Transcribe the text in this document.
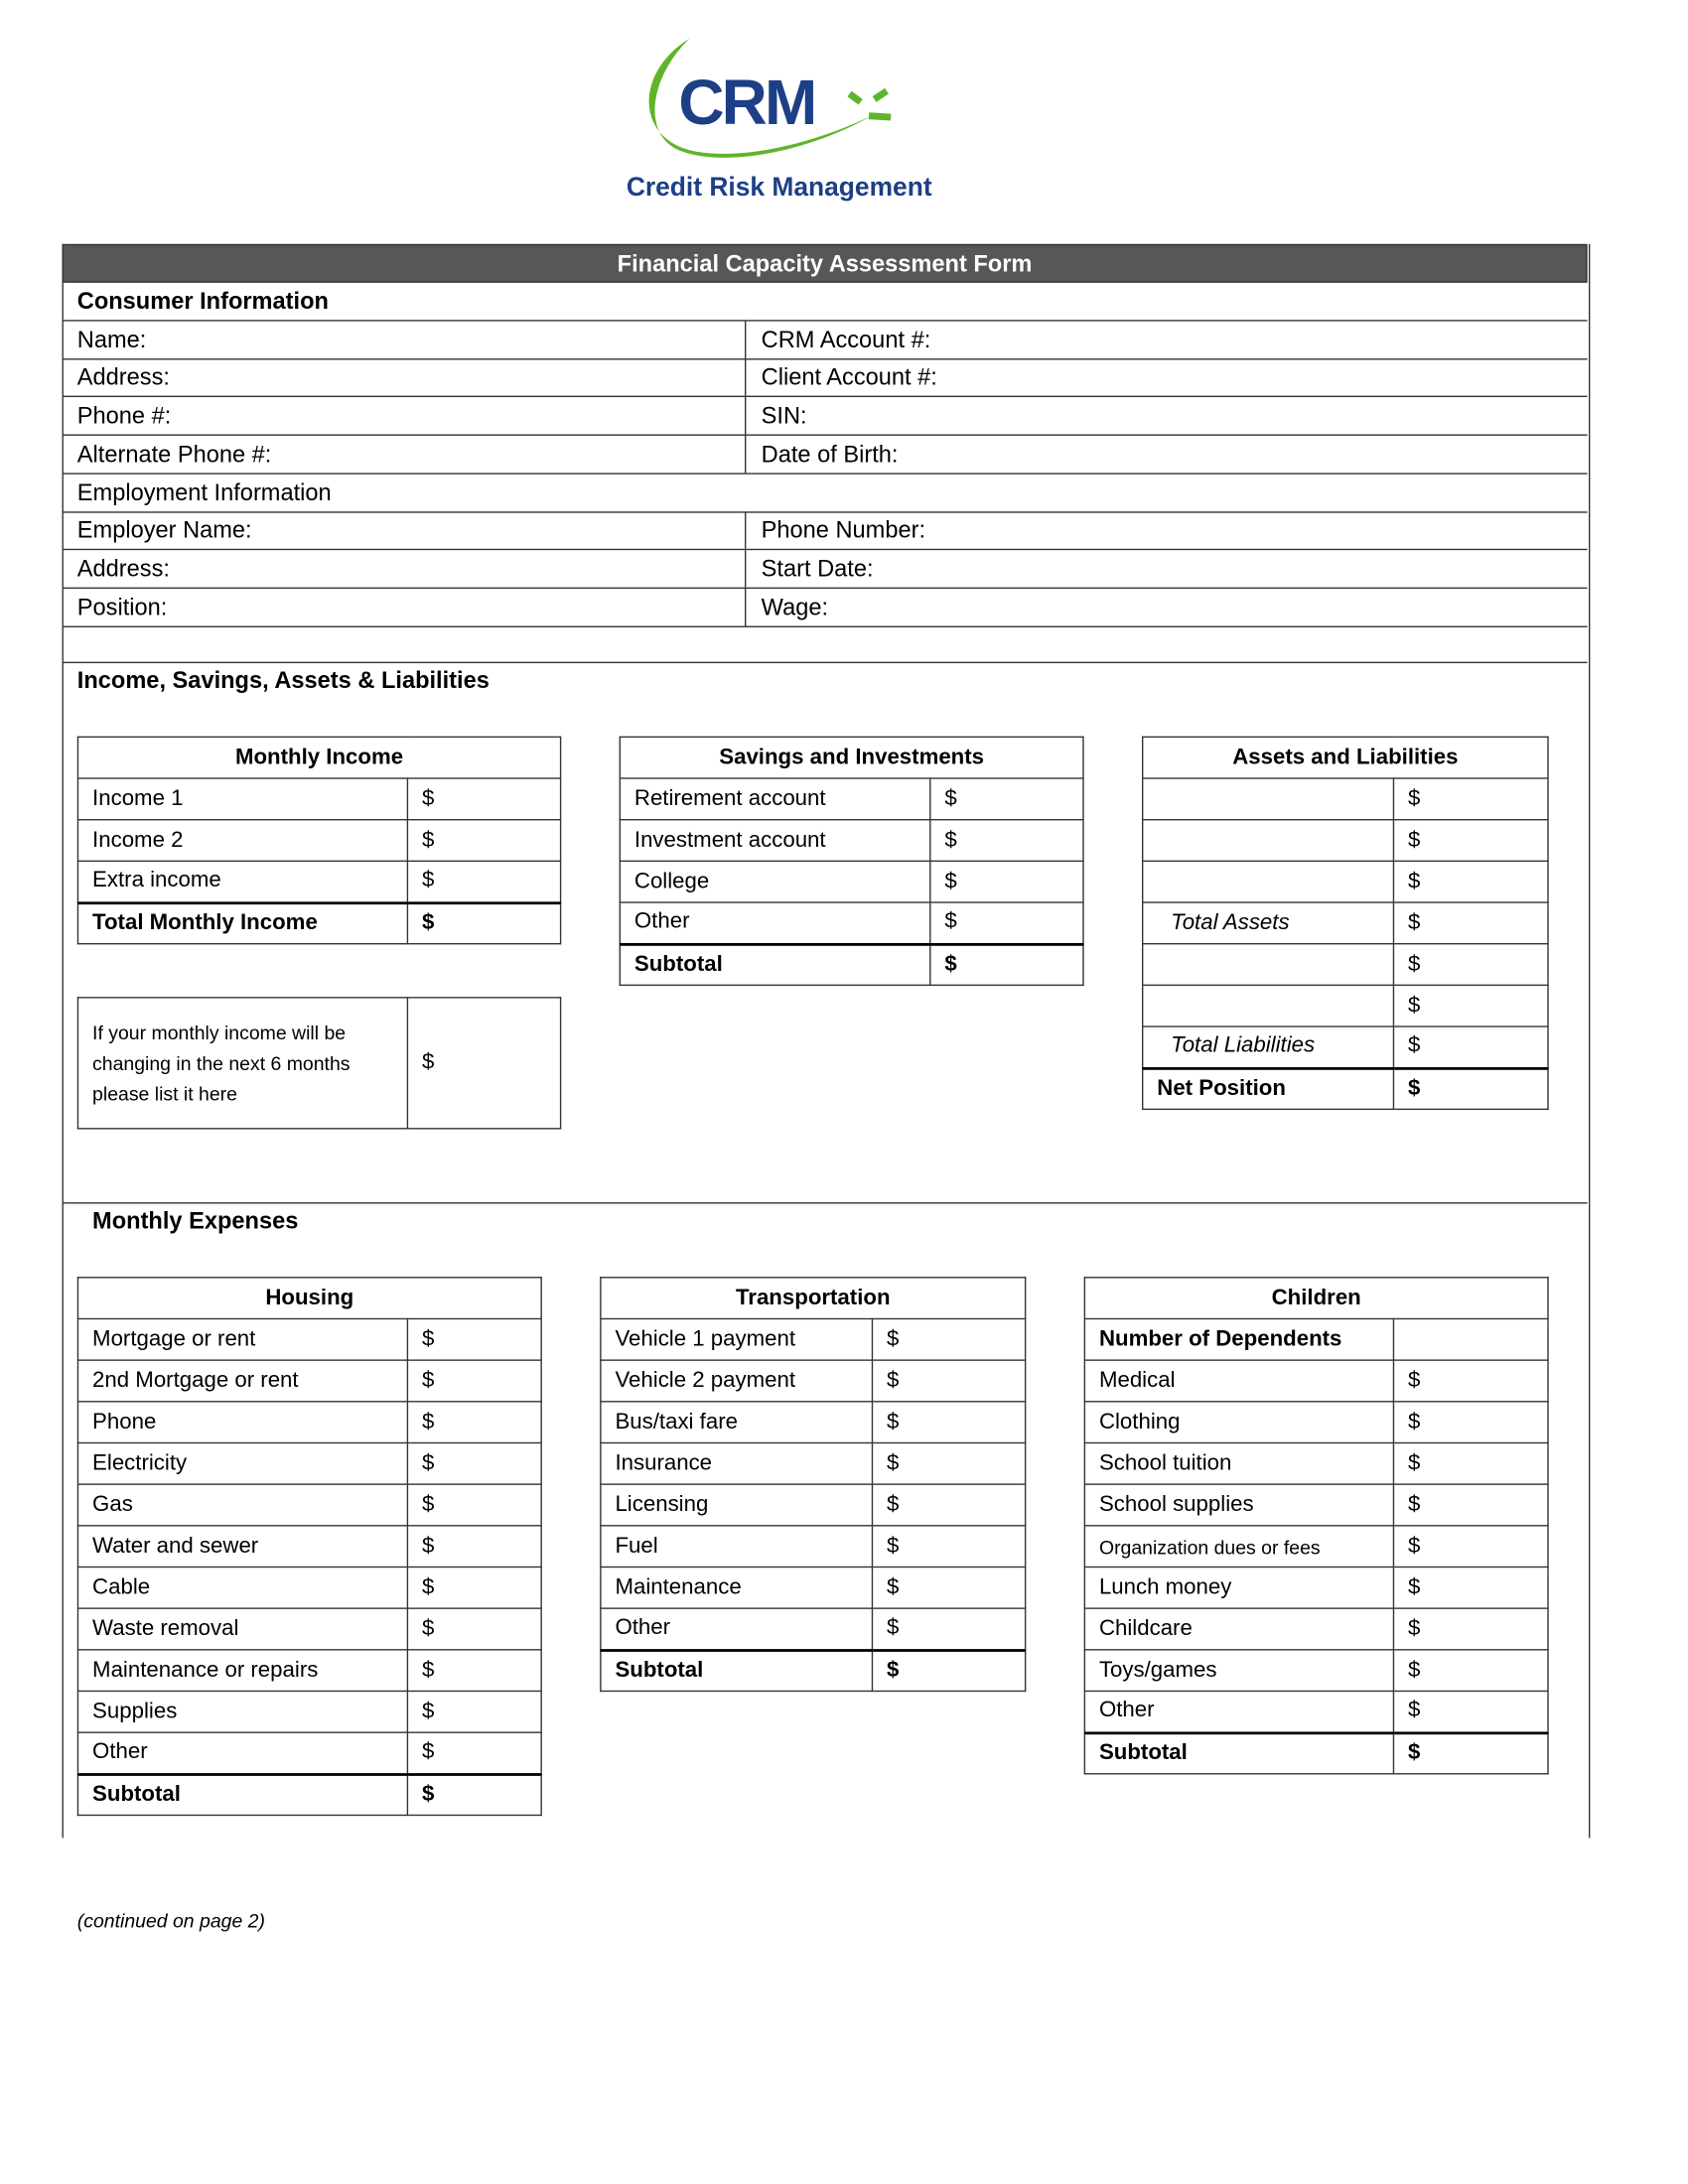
CRM
Credit Risk Management
Financial Capacity Assessment Form
Consumer Information
Name:	CRM Account #:
Address:	Client Account #:
Phone #:	SIN:
Alternate Phone #:	Date of Birth:
Employment Information
Employer Name:	Phone Number:
Address:	Start Date:
Position:	Wage:
Income, Savings, Assets & Liabilities
Monthly Expenses
Monthly Income	
Income 1	$
Income 2	$
Extra income	$
Total Monthly Income	$
Savings and Investments	
Retirement account	$
Investment account	$
College	$
Other	$
Subtotal	$
Assets and Liabilities	
	$
	$
	$
Total Assets	$
	$
	$
Total Liabilities	$
Net Position	$
Housing	
Mortgage or rent	$
2nd Mortgage or rent	$
Phone	$
Electricity	$
Gas	$
Water and sewer	$
Cable	$
Waste removal	$
Maintenance or repairs	$
Supplies	$
Other	$
Subtotal	$
Transportation	
Vehicle 1 payment	$
Vehicle 2 payment	$
Bus/taxi fare	$
Insurance	$
Licensing	$
Fuel	$
Maintenance	$
Other	$
Subtotal	$
Children	
Number of Dependents	
Medical	$
Clothing	$
School tuition	$
School supplies	$
Organization dues or fees	$
Lunch money	$
Childcare	$
Toys/games	$
Other	$
Subtotal	$
If your monthly income will be changing in the next 6 months please list it here	$
(continued on page 2)
